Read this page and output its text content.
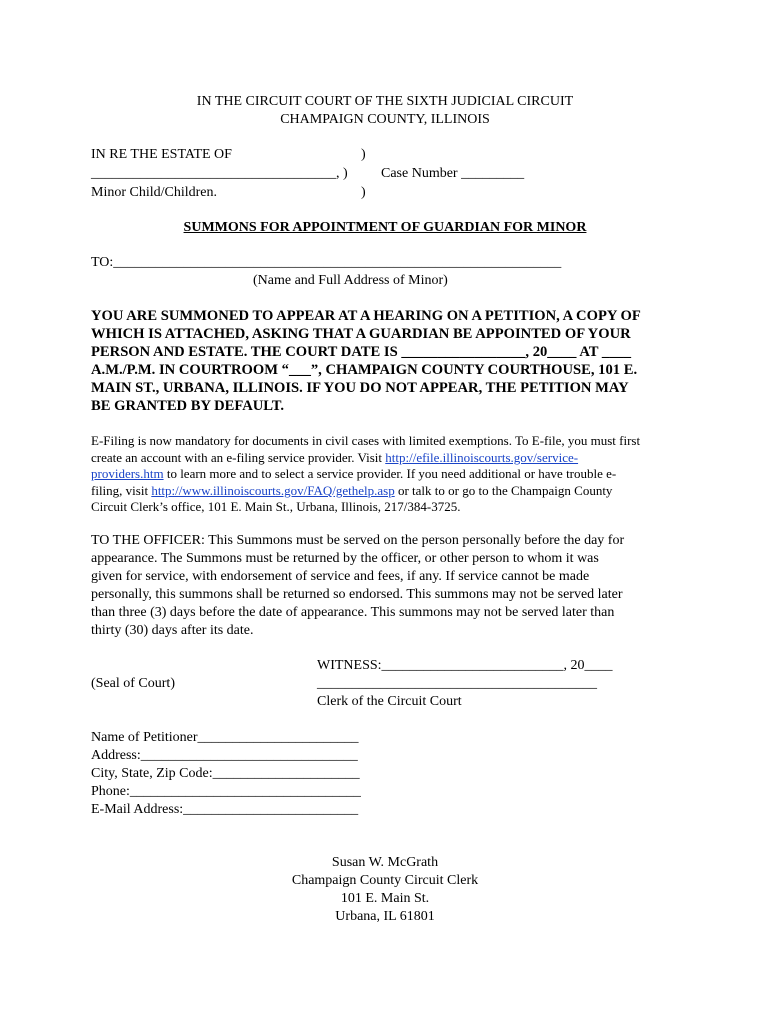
IN THE CIRCUIT COURT OF THE SIXTH JUDICIAL CIRCUIT
CHAMPAIGN COUNTY, ILLINOIS
IN RE THE ESTATE OF	)
___________________________________, ) Case Number _________
Minor Child/Children.	)
SUMMONS FOR APPOINTMENT OF GUARDIAN FOR MINOR
TO:________________________________________________________________
(Name and Full Address of Minor)
YOU ARE SUMMONED TO APPEAR AT A HEARING ON A PETITION, A COPY OF
WHICH IS ATTACHED, ASKING THAT A GUARDIAN BE APPOINTED OF YOUR
PERSON AND ESTATE. THE COURT DATE IS _________________, 20____ AT ____
A.M./P.M. IN COURTROOM “___”, CHAMPAIGN COUNTY COURTHOUSE, 101 E.
MAIN ST., URBANA, ILLINOIS. IF YOU DO NOT APPEAR, THE PETITION MAY
BE GRANTED BY DEFAULT.
E-Filing is now mandatory for documents in civil cases with limited exemptions. To E-file, you must first
create an account with an e-filing service provider. Visit http://efile.illinoiscourts.gov/service-
providers.htm to learn more and to select a service provider. If you need additional or have trouble e-
filing, visit http://www.illinoiscourts.gov/FAQ/gethelp.asp or talk to or go to the Champaign County
Circuit Clerk’s office, 101 E. Main St., Urbana, Illinois, 217/384-3725.
TO THE OFFICER: This Summons must be served on the person personally before the day for
appearance. The Summons must be returned by the officer, or other person to whom it was
given for service, with endorsement of service and fees, if any. If service cannot be made
personally, this summons shall be returned so endorsed. This summons may not be served later
than three (3) days before the date of appearance. This summons may not be served later than
thirty (30) days after its date.
WITNESS:__________________________, 20____
(Seal of Court)	________________________________________
Clerk of the Circuit Court
Name of Petitioner_______________________
Address:_______________________________
City, State, Zip Code:_____________________
Phone:_________________________________
E-Mail Address:_________________________
Susan W. McGrath
Champaign County Circuit Clerk
101 E. Main St.
Urbana, IL 61801
